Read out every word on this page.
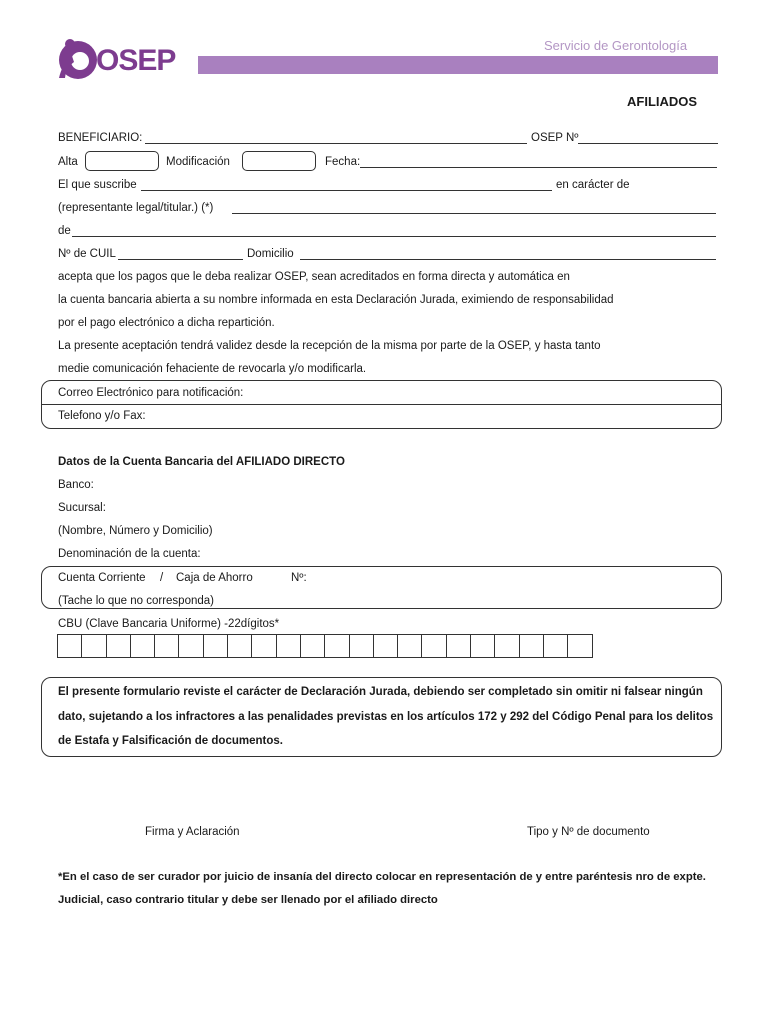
OSEP	Servicio de Gerontología
AFILIADOS
BENEFICIARIO:	OSEP Nº
Alta	Modificación	Fecha:
El que suscribe	en carácter de
(representante legal/titular.) (*)
de
Nº de CUIL	Domicilio
acepta que los pagos que le deba realizar OSEP, sean acreditados en forma directa y automática en
la cuenta bancaria abierta a su nombre informada en esta Declaración Jurada, eximiendo de responsabilidad
por el pago electrónico a dicha repartición.
La presente aceptación tendrá validez desde la recepción de la misma por parte de la OSEP, y hasta tanto
medie comunicación fehaciente de revocarla y/o modificarla.
Correo Electrónico para notificación:
Telefono y/o Fax:
Datos de la Cuenta Bancaria del AFILIADO DIRECTO
Banco:
Sucursal:
(Nombre, Número y Domicilio)
Denominación de la cuenta:
Cuenta Corriente / Caja de Ahorro	Nº:
(Tache lo que no corresponda)
CBU (Clave Bancaria Uniforme) -22dígitos*
El presente formulario reviste el carácter de Declaración Jurada, debiendo ser completado sin omitir ni falsear ningún
dato, sujetando a los infractores a las penalidades previstas en los artículos 172 y 292 del Código Penal para los delitos
de Estafa y Falsificación de documentos.
Firma y Aclaración	Tipo y Nº de documento
*En el caso de ser curador por juicio de insanía del directo colocar en representación de y entre paréntesis nro de expte.
Judicial, caso contrario titular y debe ser llenado por el afiliado directo
